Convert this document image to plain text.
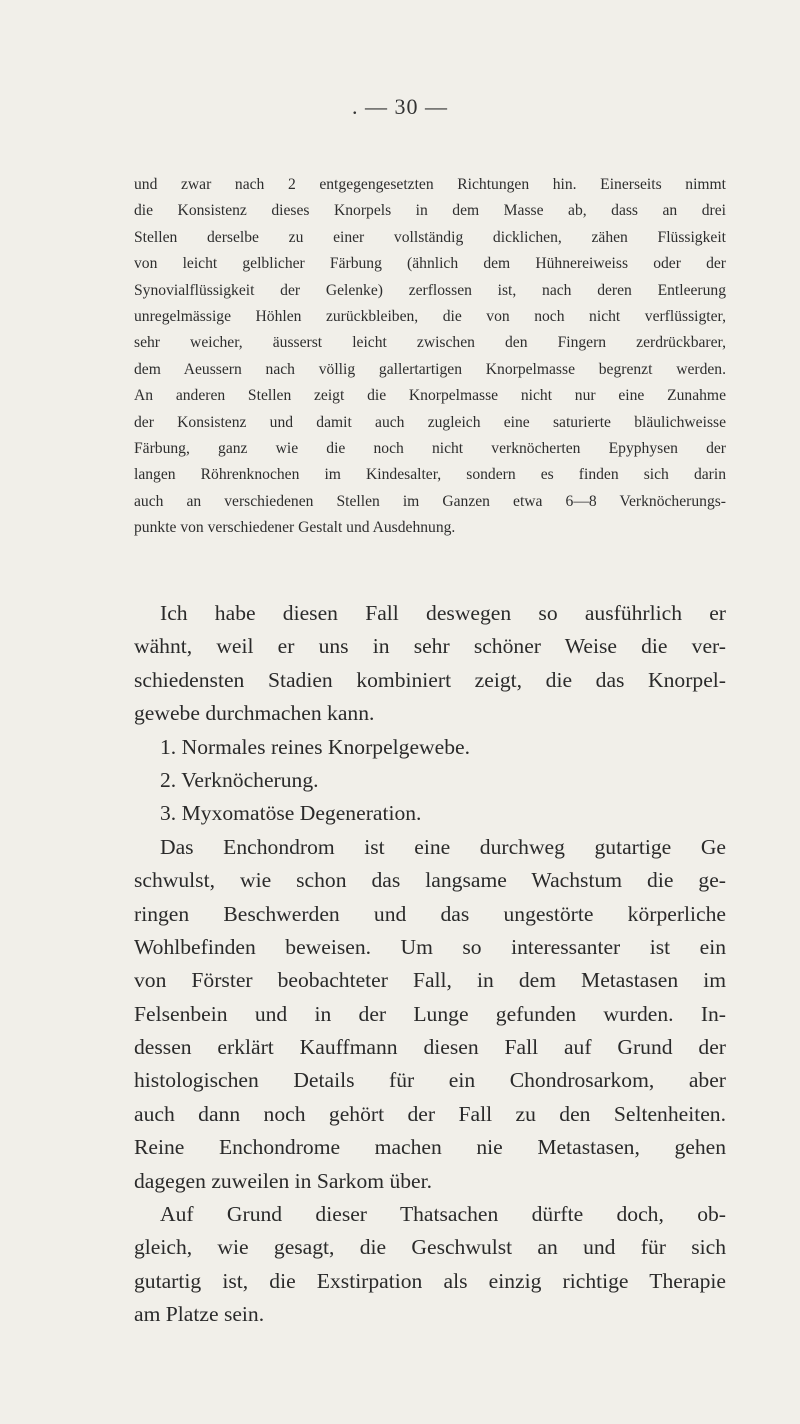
. — 30 —
und zwar nach 2 entgegengesetzten Richtungen hin. Einerseits nimmt
die Konsistenz dieses Knorpels in dem Masse ab, dass an drei
Stellen derselbe zu einer vollständig dicklichen, zähen Flüssigkeit
von leicht gelblicher Färbung (ähnlich dem Hühnereiweiss oder der
Synovialflüssigkeit der Gelenke) zerflossen ist, nach deren Entleerung
unregelmässige Höhlen zurückbleiben, die von noch nicht verflüssigter,
sehr weicher, äusserst leicht zwischen den Fingern zerdrückbarer,
dem Aeussern nach völlig gallertartigen Knorpelmasse begrenzt werden.
An anderen Stellen zeigt die Knorpelmasse nicht nur eine Zunahme
der Konsistenz und damit auch zugleich eine saturierte bläulichweisse
Färbung, ganz wie die noch nicht verknöcherten Epyphysen der
langen Röhrenknochen im Kindesalter, sondern es finden sich darin
auch an verschiedenen Stellen im Ganzen etwa 6—8 Verknöcherungs-
punkte von verschiedener Gestalt und Ausdehnung.
Ich habe diesen Fall deswegen so ausführlich er
wähnt, weil er uns in sehr schöner Weise die ver-
schiedensten Stadien kombiniert zeigt, die das Knorpel-
gewebe durchmachen kann.
1. Normales reines Knorpelgewebe.
2. Verknöcherung.
3. Myxomatöse Degeneration.
Das Enchondrom ist eine durchweg gutartige Ge
schwulst, wie schon das langsame Wachstum die ge-
ringen Beschwerden und das ungestörte körperliche
Wohlbefinden beweisen. Um so interessanter ist ein
von Förster beobachteter Fall, in dem Metastasen im
Felsenbein und in der Lunge gefunden wurden. In-
dessen erklärt Kauffmann diesen Fall auf Grund der
histologischen Details für ein Chondrosarkom, aber
auch dann noch gehört der Fall zu den Seltenheiten.
Reine Enchondrome machen nie Metastasen, gehen
dagegen zuweilen in Sarkom über.
Auf Grund dieser Thatsachen dürfte doch, ob-
gleich, wie gesagt, die Geschwulst an und für sich
gutartig ist, die Exstirpation als einzig richtige Therapie
am Platze sein.
